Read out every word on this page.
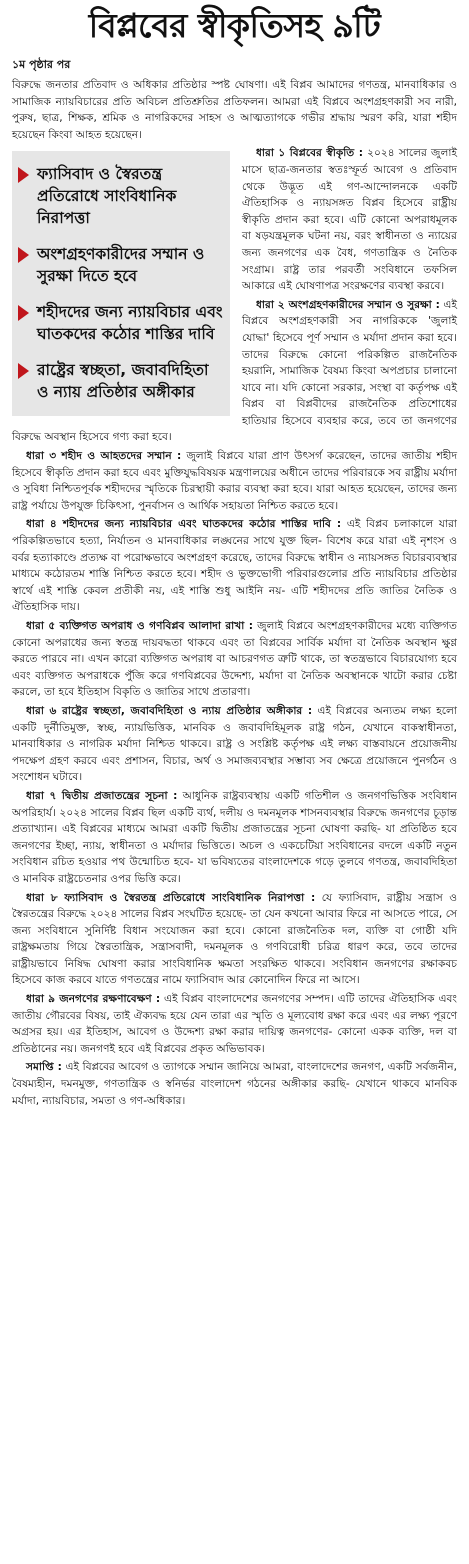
বিপ্লবের স্বীকৃতিসহ ৯টি
১ম পৃষ্ঠার পর

বিরুদ্ধে জনতার প্রতিবাদ ও অধিকার প্রতিষ্ঠার স্পষ্ট ঘোষণা। এই বিপ্লব আমাদের গণতন্ত্র, মানবাধিকার ও সামাজিক ন্যায়বিচারের প্রতি অবিচল প্রতিশ্রুতির প্রতিফলন। আমরা এই বিপ্লবে অংশগ্রহণকারী সব নারী, পুরুষ, ছাত্র, শিক্ষক, শ্রমিক ও নাগরিকদের সাহস ও আত্মত্যাগকে গভীর শ্রদ্ধায় স্মরণ করি, যারা শহীদ হয়েছেন কিংবা আহত হয়েছেন।

ফ্যাসিবাদ ও স্বৈরতন্ত্র প্রতিরোধে সাংবিধানিক নিরাপত্তা
অংশগ্রহণকারীদের সম্মান ও সুরক্ষা দিতে হবে
শহীদদের জন্য ন্যায়বিচার এবং ঘাতকদের কঠোর শাস্তির দাবি
রাষ্ট্রের স্বচ্ছতা, জবাবদিহিতা ও ন্যায় প্রতিষ্ঠার অঙ্গীকার

ধারা ১ বিপ্লবের স্বীকৃতি : ২০২৪ সালের জুলাই মাসে ছাত্র-জনতার স্বতঃস্ফূর্ত আবেগ ও প্রতিবাদ থেকে উদ্ভূত এই গণ-আন্দোলনকে একটি ঐতিহাসিক ও ন্যায়সঙ্গত বিপ্লব হিসেবে রাষ্ট্রীয় স্বীকৃতি প্রদান করা হবে। এটি কোনো অপরাধমূলক বা ষড়যন্ত্রমূলক ঘটনা নয়, বরং স্বাধীনতা ও ন্যায়ের জন্য জনগণের এক বৈধ, গণতান্ত্রিক ও নৈতিক সংগ্রাম। রাষ্ট্র তার পরবর্তী সংবিধানে তফসিল আকারে এই ঘোষণাপত্র সংরক্ষণের ব্যবস্থা করবে।

ধারা ২ অংশগ্রহণকারীদের সম্মান ও সুরক্ষা : এই বিপ্লবে অংশগ্রহণকারী সব নাগরিককে 'জুলাই যোদ্ধা' হিসেবে পূর্ণ সম্মান ও মর্যাদা প্রদান করা হবে। তাদের বিরুদ্ধে কোনো পরিকল্পিত রাজনৈতিক হয়রানি, সামাজিক বৈষম্য কিংবা অপপ্রচার চালানো যাবে না। যদি কোনো সরকার, সংস্থা বা কর্তৃপক্ষ এই বিপ্লব বা বিপ্লবীদের রাজনৈতিক প্রতিশোধের হাতিয়ার হিসেবে ব্যবহার করে, তবে তা জনগণের বিরুদ্ধে অবস্থান হিসেবে গণ্য করা হবে।

ধারা ৩ শহীদ ও আহতদের সম্মান : জুলাই বিপ্লবে যারা প্রাণ উৎসর্গ করেছেন, তাদের জাতীয় শহীদ হিসেবে স্বীকৃতি প্রদান করা হবে এবং মুক্তিযুদ্ধবিষয়ক মন্ত্রণালয়ের অধীনে তাদের পরিবারকে সব রাষ্ট্রীয় মর্যাদা ও সুবিধা নিশ্চিতপূর্বক শহীদদের স্মৃতিকে চিরস্থায়ী করার ব্যবস্থা করা হবে। যারা আহত হয়েছেন, তাদের জন্য রাষ্ট্র পর্যায়ে উপযুক্ত চিকিৎসা, পুনর্বাসন ও আর্থিক সহায়তা নিশ্চিত করতে হবে।

ধারা ৪ শহীদদের জন্য ন্যায়বিচার এবং ঘাতকদের কঠোর শাস্তির দাবি : এই বিপ্লব চলাকালে যারা পরিকল্পিতভাবে হত্যা, নির্যাতন ও মানবাধিকার লঙ্ঘনের সাথে যুক্ত ছিল- বিশেষ করে যারা এই নৃশংস ও বর্বর হত্যাকাণ্ডে প্রত্যক্ষ বা পরোক্ষভাবে অংশগ্রহণ করেছে, তাদের বিরুদ্ধে স্বাধীন ও ন্যায়সঙ্গত বিচারব্যবস্থার মাধ্যমে কঠোরতম শাস্তি নিশ্চিত করতে হবে। শহীদ ও ভুক্তভোগী পরিবারগুলোর প্রতি ন্যায়বিচার প্রতিষ্ঠার স্বার্থে এই শাস্তি কেবল প্রতীকী নয়, এই শাস্তি শুধু আইনি নয়- এটি শহীদদের প্রতি জাতির নৈতিক ও ঐতিহাসিক দায়।

ধারা ৫ ব্যক্তিগত অপরাধ ও গণবিপ্লব আলাদা রাখা : জুলাই বিপ্লবে অংশগ্রহণকারীদের মধ্যে ব্যক্তিগত কোনো অপরাধের জন্য স্বতন্ত্র দায়বদ্ধতা থাকবে এবং তা বিপ্লবের সার্বিক মর্যাদা বা নৈতিক অবস্থান ক্ষুণ্ণ করতে পারবে না। এখন কারো ব্যক্তিগত অপরাধ বা আচরণগত ত্রুটি থাকে, তা স্বতন্ত্রভাবে বিচারযোগ্য হবে এবং ব্যক্তিগত অপরাধকে পুঁজি করে গণবিপ্লবের উদ্দেশ্য, মর্যাদা বা নৈতিক অবস্থানকে খাটো করার চেষ্টা করলে, তা হবে ইতিহাস বিকৃতি ও জাতির সাথে প্রতারণা।

ধারা ৬ রাষ্ট্রের স্বচ্ছতা, জবাবদিহিতা ও ন্যায় প্রতিষ্ঠার অঙ্গীকার : এই বিপ্লবের অন্যতম লক্ষ্য হলো একটি দুর্নীতিমুক্ত, স্বচ্ছ, ন্যায়ভিত্তিক, মানবিক ও জবাবদিহিমূলক রাষ্ট্র গঠন, যেখানে বাকস্বাধীনতা, মানবাধিকার ও নাগরিক মর্যাদা নিশ্চিত থাকবে। রাষ্ট্র ও সংশ্লিষ্ট কর্তৃপক্ষ এই লক্ষ্য বাস্তবায়নে প্রয়োজনীয় পদক্ষেপ গ্রহণ করবে এবং প্রশাসন, বিচার, অর্থ ও সমাজব্যবস্থার সম্ভাব্য সব ক্ষেত্রে প্রয়োজনে পুনর্গঠন ও সংশোধন ঘটাবে।

ধারা ৭ দ্বিতীয় প্রজাতন্ত্রের সূচনা : আধুনিক রাষ্ট্রব্যবস্থায় একটি গতিশীল ও জনগণভিত্তিক সংবিধান অপরিহার্য। ২০২৪ সালের বিপ্লব ছিল একটি ব্যর্থ, দলীয় ও দমনমূলক শাসনব্যবস্থার বিরুদ্ধে জনগণের চূড়ান্ত প্রত্যাখ্যান। এই বিপ্লবের মাধ্যমে আমরা একটি দ্বিতীয় প্রজাতন্ত্রের সূচনা ঘোষণা করছি- যা প্রতিষ্ঠিত হবে জনগণের ইচ্ছা, ন্যায়, স্বাধীনতা ও মর্যাদার ভিত্তিতে। অচল ও একচেটিয়া সংবিধানের বদলে একটি নতুন সংবিধান রচিত হওয়ার পথ উন্মোচিত হবে- যা ভবিষ্যতের বাংলাদেশকে গড়ে তুলবে গণতন্ত্র, জবাবদিহিতা ও মানবিক রাষ্ট্রচেতনার ওপর ভিত্তি করে।

ধারা ৮ ফ্যাসিবাদ ও স্বৈরতন্ত্র প্রতিরোধে সাংবিধানিক নিরাপত্তা : যে ফ্যাসিবাদ, রাষ্ট্রীয় সন্ত্রাস ও স্বৈরতন্ত্রের বিরুদ্ধে ২০২৪ সালের বিপ্লব সংঘটিত হয়েছে- তা যেন কখনো আবার ফিরে না আসতে পারে, সে জন্য সংবিধানে সুনির্দিষ্ট বিধান সংযোজন করা হবে। কোনো রাজনৈতিক দল, ব্যক্তি বা গোষ্ঠী যদি রাষ্ট্রক্ষমতায় গিয়ে স্বৈরতান্ত্রিক, সন্ত্রাসবাদী, দমনমূলক ও গণবিরোধী চরিত্র ধারণ করে, তবে তাদের রাষ্ট্রীয়ভাবে নিষিদ্ধ ঘোষণা করার সাংবিধানিক ক্ষমতা সংরক্ষিত থাকবে। সংবিধান জনগণের রক্ষাকবচ হিসেবে কাজ করবে যাতে গণতন্ত্রের নামে ফ্যাসিবাদ আর কোনোদিন ফিরে না আসে।

ধারা ৯ জনগণের রক্ষণাবেক্ষণ : এই বিপ্লব বাংলাদেশের জনগণের সম্পদ। এটি তাদের ঐতিহাসিক এবং জাতীয় গৌরবের বিষয়, তাই ঐক্যবদ্ধ হয়ে যেন তারা এর স্মৃতি ও মূল্যবোধ রক্ষা করে এবং এর লক্ষ্য পূরণে অগ্রসর হয়। এর ইতিহাস, আবেগ ও উদ্দেশ্য রক্ষা করার দায়িত্ব জনগণের- কোনো একক ব্যক্তি, দল বা প্রতিষ্ঠানের নয়। জনগণই হবে এই বিপ্লবের প্রকৃত অভিভাবক।

সমাপ্তি : এই বিপ্লবের আবেগ ও ত্যাগকে সম্মান জানিয়ে আমরা, বাংলাদেশের জনগণ, একটি সর্বজনীন, বৈষম্যহীন, দমনমুক্ত, গণতান্ত্রিক ও স্বনির্ভর বাংলাদেশ গঠনের অঙ্গীকার করছি- যেখানে থাকবে মানবিক মর্যাদা, ন্যায়বিচার, সমতা ও গণ-অধিকার।
